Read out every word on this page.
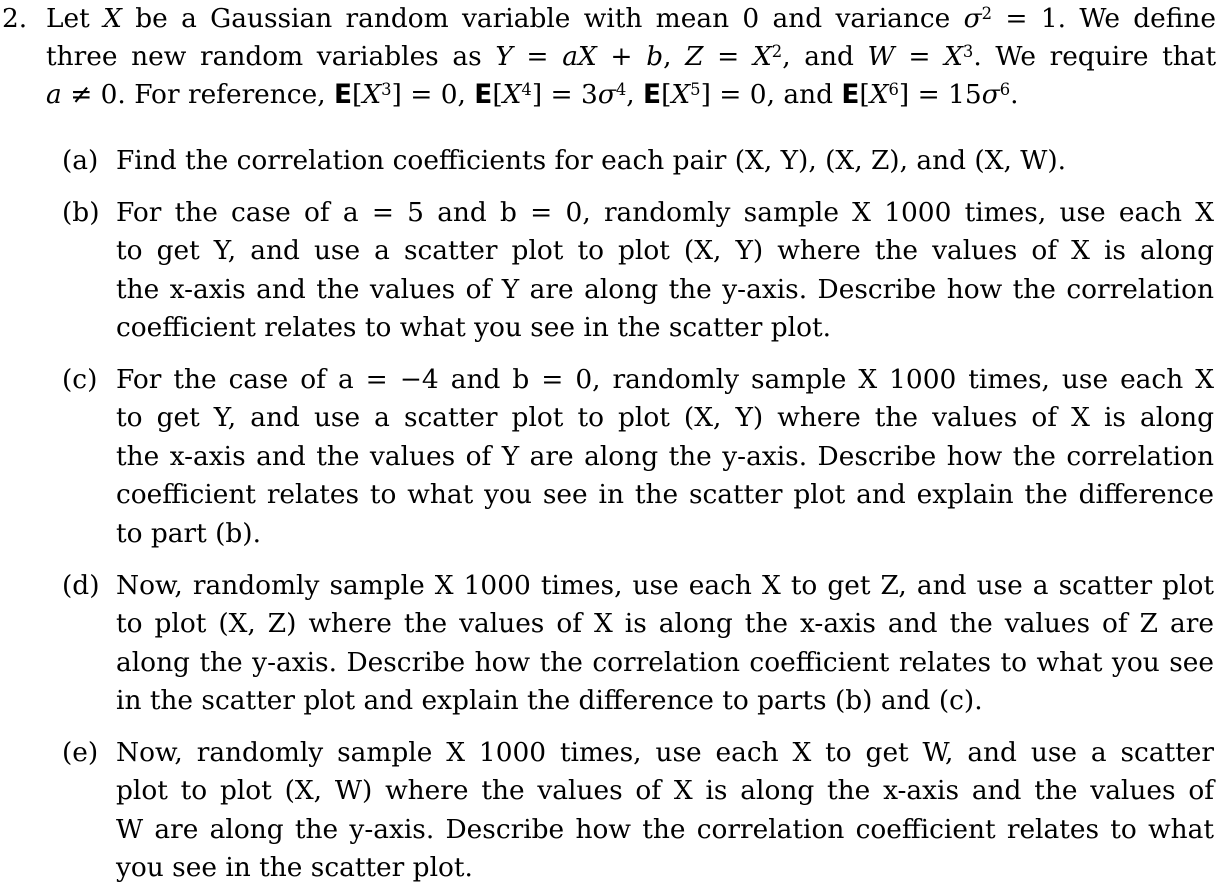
2. Let X be a Gaussian random variable with mean 0 and variance $\sigma^2 = 1$. We define
three new random variables as Y = aX + b, $Z = X^2$, and $W = X^3$. We require that
a ≠ 0. For reference, $E[X^3] = 0$, $E[X^4] = 3\sigma^4$, $E[X^5] = 0$, and $E[X^6] = 15\sigma^6$.
(a) Find the correlation coefficients for each pair (X, Y), (X, Z), and (X, W).
(b) For the case of a = 5 and b = 0, randomly sample X 1000 times, use each X
to get Y, and use a scatter plot to plot (X, Y) where the values of X is along
the x-axis and the values of Y are along the y-axis. Describe how the correlation
coefficient relates to what you see in the scatter plot.
(c) For the case of a = −4 and b = 0, randomly sample X 1000 times, use each X
to get Y, and use a scatter plot to plot (X, Y) where the values of X is along
the x-axis and the values of Y are along the y-axis. Describe how the correlation
coefficient relates to what you see in the scatter plot and explain the difference
to part (b).
(d) Now, randomly sample X 1000 times, use each X to get Z, and use a scatter plot
to plot (X, Z) where the values of X is along the x-axis and the values of Z are
along the y-axis. Describe how the correlation coefficient relates to what you see
in the scatter plot and explain the difference to parts (b) and (c).
(e) Now, randomly sample X 1000 times, use each X to get W, and use a scatter
plot to plot (X, W) where the values of X is along the x-axis and the values of
W are along the y-axis. Describe how the correlation coefficient relates to what
you see in the scatter plot.
